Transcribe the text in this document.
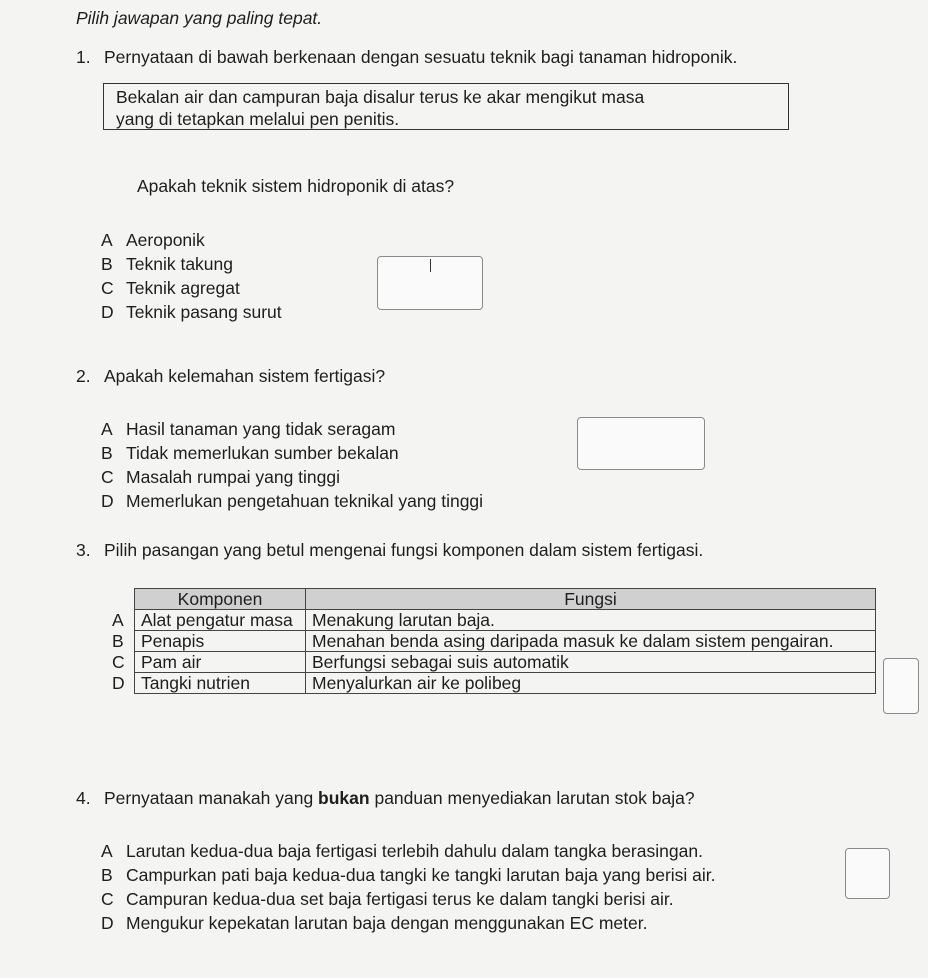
Pilih jawapan yang paling tepat.
1. Pernyataan di bawah berkenaan dengan sesuatu teknik bagi tanaman hidroponik.
Bekalan air dan campuran baja disalur terus ke akar mengikut masa
yang di tetapkan melalui pen penitis.
Apakah teknik sistem hidroponik di atas?
A Aeroponik
B Teknik takung
C Teknik agregat
D Teknik pasang surut
2. Apakah kelemahan sistem fertigasi?
A Hasil tanaman yang tidak seragam
B Tidak memerlukan sumber bekalan
C Masalah rumpai yang tinggi
D Memerlukan pengetahuan teknikal yang tinggi
3. Pilih pasangan yang betul mengenai fungsi komponen dalam sistem fertigasi.
	Komponen	Fungsi
A	Alat pengatur masa	Menakung larutan baja.
B	Penapis	Menahan benda asing daripada masuk ke dalam sistem pengairan.
C	Pam air	Berfungsi sebagai suis automatik
D	Tangki nutrien	Menyalurkan air ke polibeg
4. Pernyataan manakah yang bukan panduan menyediakan larutan stok baja?
A Larutan kedua-dua baja fertigasi terlebih dahulu dalam tangka berasingan.
B Campurkan pati baja kedua-dua tangki ke tangki larutan baja yang berisi air.
C Campuran kedua-dua set baja fertigasi terus ke dalam tangki berisi air.
D Mengukur kepekatan larutan baja dengan menggunakan EC meter.
